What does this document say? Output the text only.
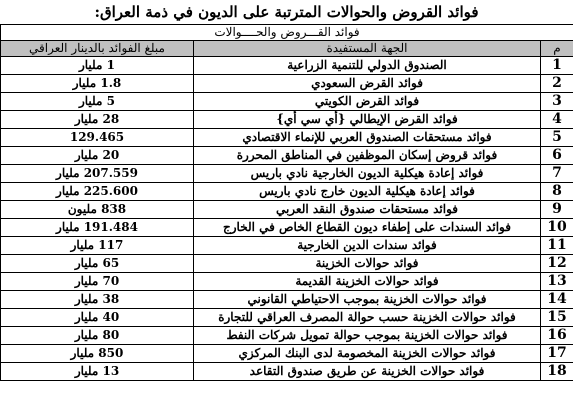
فوائد القروض والحوالات المترتبة على الديون في ذمة العراق:
فوائد القـــروض والحــــوالات		
م	الجهة المستفيدة	مبلغ الفوائد بالدينار العراقي
1	الصندوق الدولي للتنمية الزراعية	1 مليار
2	فوائد القرض السعودي	1.8 مليار
3	فوائد القرض الكويتي	5 مليار
4	فوائد القرض الإيطالي {أي سي أي}	28 مليار
5	فوائد مستحقات الصندوق العربي للإنماء الاقتصادي	129.465
6	فوائد قروض إسكان الموظفين في المناطق المحررة	20 مليار
7	فوائد إعادة هيكلية الديون الخارجية نادي باريس	207.559 مليار
8	فوائد إعادة هيكلية الديون خارج نادي باريس	225.600 مليار
9	فوائد مستحقات صندوق النقد العربي	838 مليون
10	فوائد السندات على إطفاء ديون القطاع الخاص في الخارج	191.484 مليار
11	فوائد سندات الدين الخارجية	117 مليار
12	فوائد حوالات الخزينة	65 مليار
13	فوائد حوالات الخزينة القديمة	70 مليار
14	فوائد حوالات الخزينة بموجب الاحتياطي القانوني	38 مليار
15	فوائد حوالات الخزينة حسب حوالة المصرف العراقي للتجارة	40 مليار
16	فوائد حوالات الخزينة بموجب حوالة تمويل شركات النفط	80 مليار
17	فوائد حوالات الخزينة المخصومة لدى البنك المركزي	850 مليار
18	فوائد حوالات الخزينة عن طريق صندوق التقاعد	13 مليار
